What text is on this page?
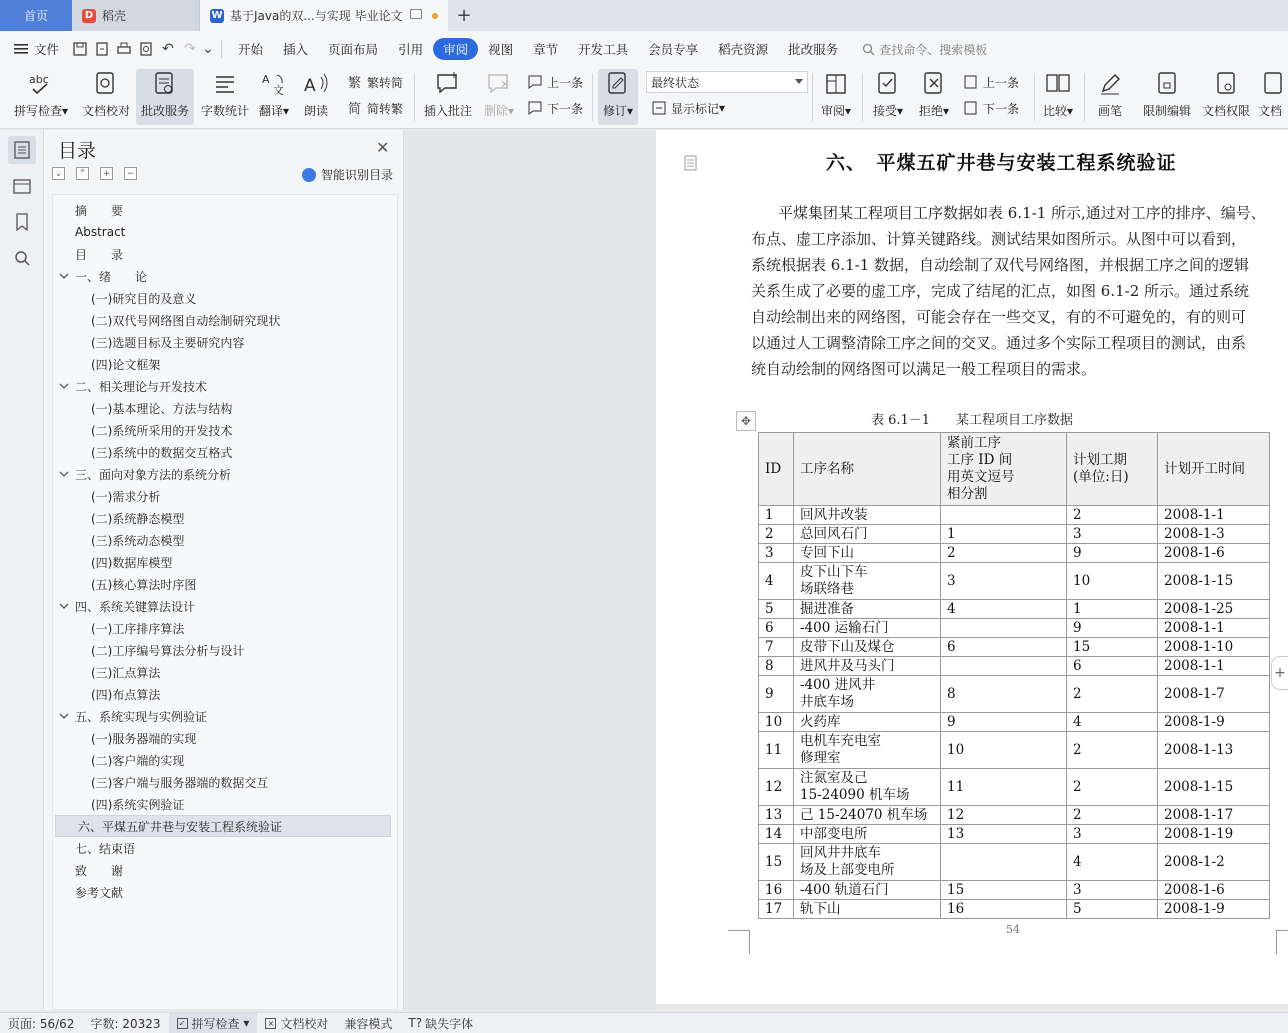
首页	D 稻壳	W 基于Java的双...与实现 毕业论文	+
文件	↶ ↷ ⌄ 开始 插入 页面布局 引用 审阅 视图 章节 开发工具 会员专享 稻壳资源 批改服务	查找命令、搜索模板
abc
拼写检查▾ 文档校对 批改服务 字数统计
A
文
翻译▾
A
朗读
繁 繁转简
简 简转繁 插入批注 删除▾
上一条
下一条 修订▾
最终状态
显示标记 ▾	审阅▾ 接受▾ 拒绝▾
上一条
下一条 比较▾ 画笔 限制编辑 文档权限 文档
目录	✕
⌄	⌃	+	−	智能识别目录
摘　　要
Abstract
目　　录
一、绪　　论
(一)研究目的及意义
(二)双代号网络图自动绘制研究现状
(三)选题目标及主要研究内容
(四)论文框架
二、相关理论与开发技术
(一)基本理论、方法与结构
(二)系统所采用的开发技术
(三)系统中的数据交互格式
三、面向对象方法的系统分析
(一)需求分析
(二)系统静态模型
(三)系统动态模型
(四)数据库模型
(五)核心算法时序图
四、系统关键算法设计
(一)工序排序算法
(二)工序编号算法分析与设计
(三)汇点算法
(四)布点算法
五、系统实现与实例验证
(一)服务器端的实现
(二)客户端的实现
(三)客户端与服务器端的数据交互
(四)系统实例验证
六、平煤五矿井巷与安装工程系统验证
七、结束语
致　　谢
参考文献
六、　平煤五矿井巷与安装工程系统验证
平煤集团某工程项目工序数据如表 6.1-1 所示,通过对工序的排序、编号、
布点、虚工序添加、计算关键路线。测试结果如图所示。从图中可以看到，
系统根据表 6.1-1 数据，自动绘制了双代号网络图，并根据工序之间的逻辑
关系生成了必要的虚工序，完成了结尾的汇点，如图 6.1-2 所示。通过系统
自动绘制出来的网络图，可能会存在一些交叉，有的不可避免的，有的则可
以通过人工调整清除工序之间的交叉。通过多个实际工程项目的测试，由系
统自动绘制的网络图可以满足一般工程项目的需求。
✥	表 6.1－1　　某工程项目工序数据
ID	工序名称	紧前工序
工序 ID 间
用英文逗号
相分割	计划工期
(单位:日)	计划开工时间
1	回风井改装		2	2008-1-1
2	总回风石门	1	3	2008-1-3
3	专回下山	2	9	2008-1-6
4	皮下山下车
场联络巷	3	10	2008-1-15
5	掘进准备	4	1	2008-1-25
6	-400 运输石门		9	2008-1-1
7	皮带下山及煤仓	6	15	2008-1-10
8	进风井及马头门		6	2008-1-1
9	-400 进风井
井底车场	8	2	2008-1-7
10	火药库	9	4	2008-1-9
11	电机车充电室
修理室	10	2	2008-1-13
12	注氮室及己
15-24090 机车场	11	2	2008-1-15
13	己 15-24070 机车场	12	2	2008-1-17
14	中部变电所	13	3	2008-1-19
15	回风井井底车
场及上部变电所		4	2008-1-2
16	-400 轨道石门	15	3	2008-1-6
17	轨下山	16	5	2008-1-9
54
+
页面: 56/62 字数: 20323 ✓ 拼写检查 ▾	× 文档校对 兼容模式 T? 缺失字体
